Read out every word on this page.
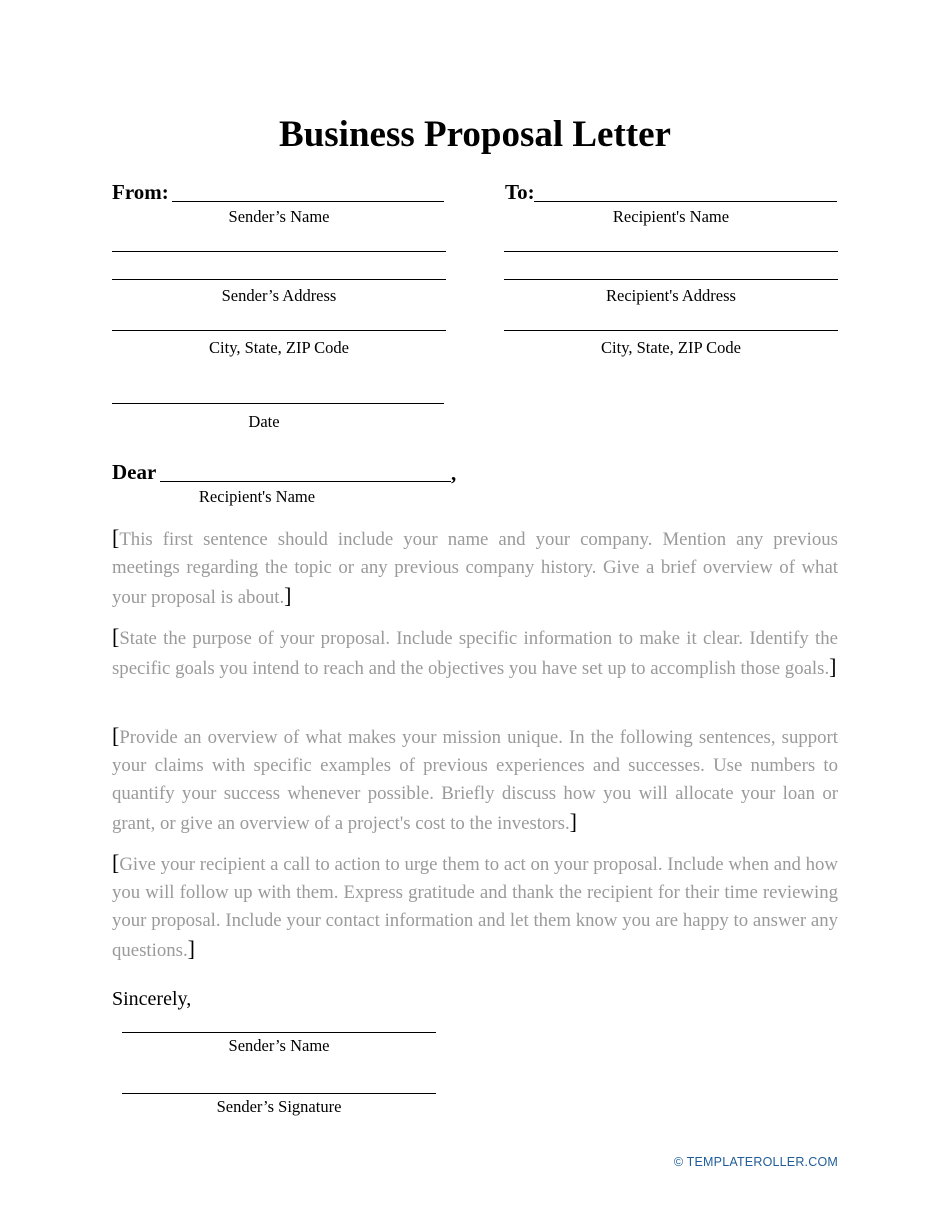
Business Proposal Letter
From:
Sender’s Name
Sender’s Address
City, State, ZIP Code
Date
To:
Recipient's Name
Recipient's Address
City, State, ZIP Code
Dear	,
Recipient's Name

[This first sentence should include your name and your company. Mention any previous meetings regarding the topic or any previous company history. Give a brief overview of what your proposal is about.]

[State the purpose of your proposal. Include specific information to make it clear. Identify the specific goals you intend to reach and the objectives you have set up to accomplish those goals.]

[Provide an overview of what makes your mission unique. In the following sentences, support your claims with specific examples of previous experiences and successes. Use numbers to quantify your success whenever possible. Briefly discuss how you will allocate your loan or grant, or give an overview of a project's cost to the investors.]

[Give your recipient a call to action to urge them to act on your proposal. Include when and how you will follow up with them. Express gratitude and thank the recipient for their time reviewing your proposal. Include your contact information and let them know you are happy to answer any questions.]

Sincerely,
Sender’s Name
Sender’s Signature
© TEMPLATEROLLER.COM
